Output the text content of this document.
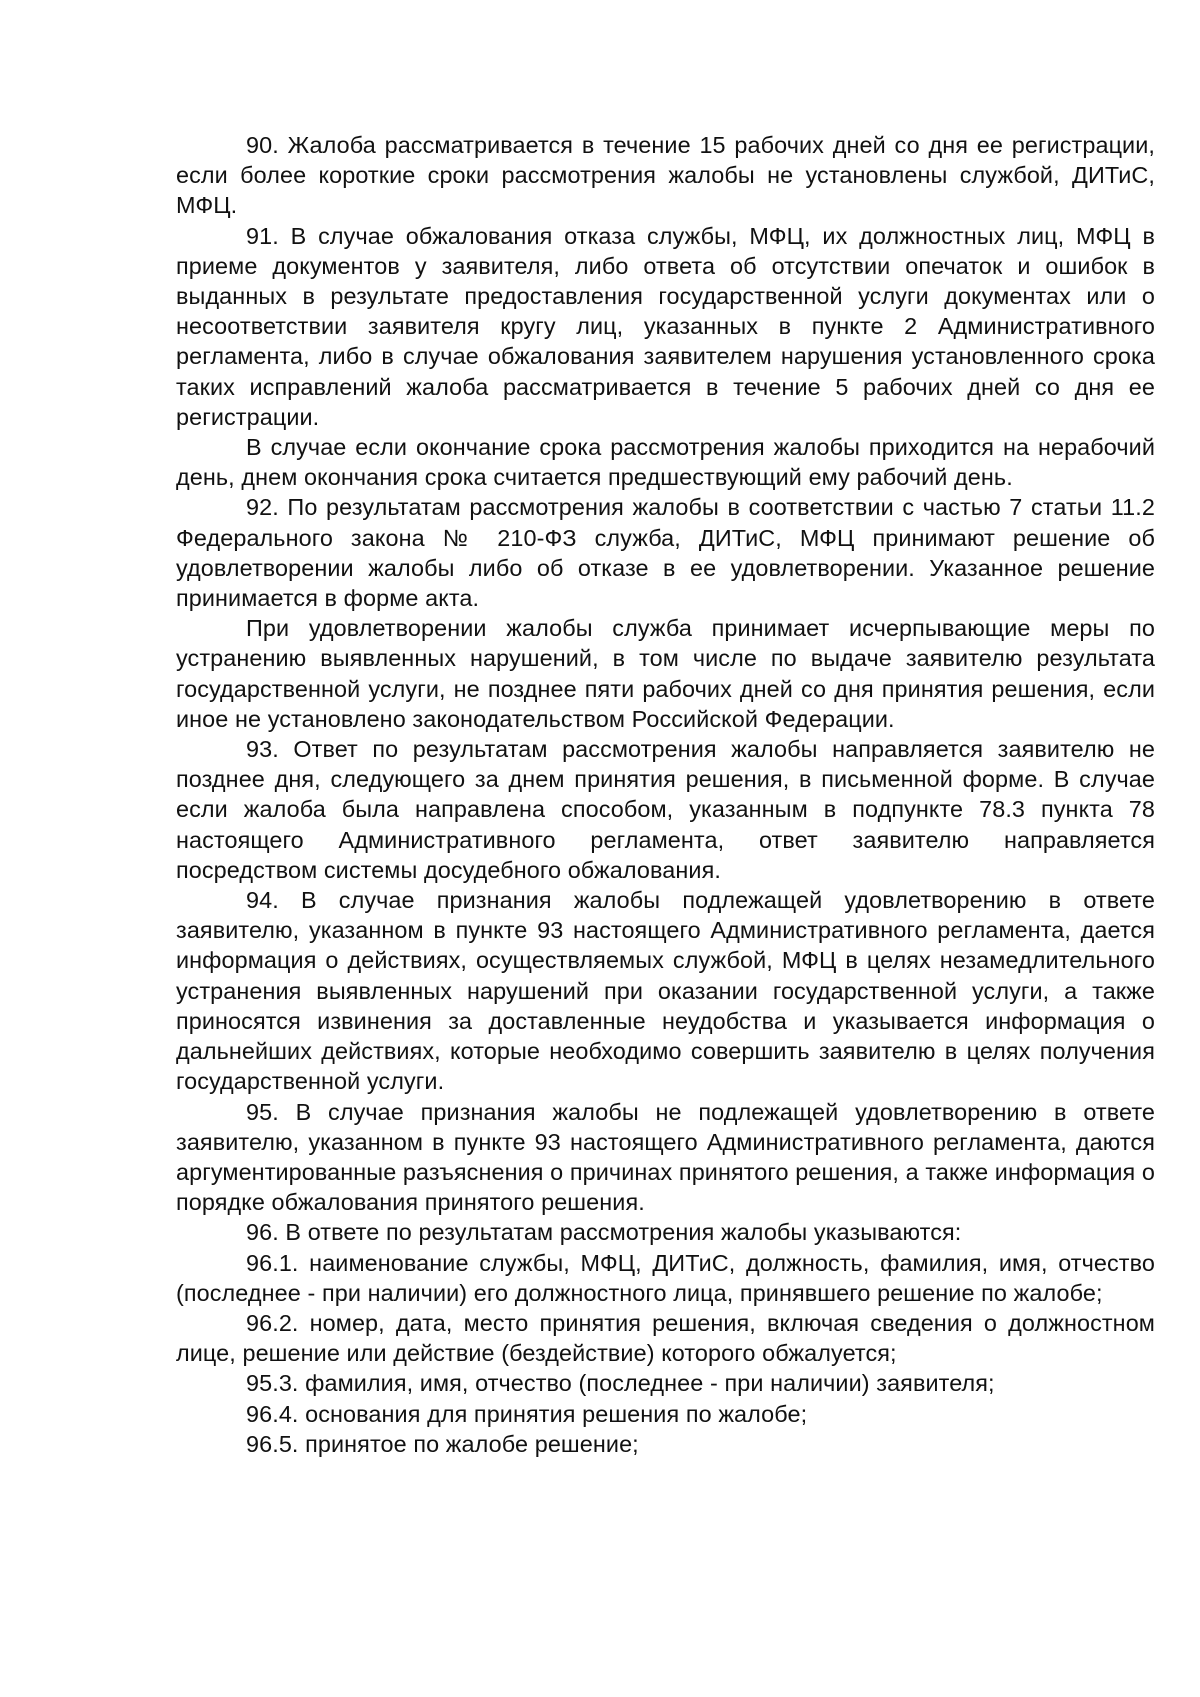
90. Жалоба рассматривается в течение 15 рабочих дней со дня ее регистрации, если более короткие сроки рассмотрения жалобы не установлены службой, ДИТиС, МФЦ.

91. В случае обжалования отказа службы, МФЦ, их должностных лиц, МФЦ в приеме документов у заявителя, либо ответа об отсутствии опечаток и ошибок в выданных в результате предоставления государственной услуги документах или о несоответствии заявителя кругу лиц, указанных в пункте 2 Административного регламента, либо в случае обжалования заявителем нарушения установленного срока таких исправлений жалоба рассматривается в течение 5 рабочих дней со дня ее регистрации.

В случае если окончание срока рассмотрения жалобы приходится на нерабочий день, днем окончания срока считается предшествующий ему рабочий день.

92. По результатам рассмотрения жалобы в соответствии с частью 7 статьи 11.2 Федерального закона № 210-ФЗ служба, ДИТиС, МФЦ принимают решение об удовлетворении жалобы либо об отказе в ее удовлетворении. Указанное решение принимается в форме акта.

При удовлетворении жалобы служба принимает исчерпывающие меры по устранению выявленных нарушений, в том числе по выдаче заявителю результата государственной услуги, не позднее пяти рабочих дней со дня принятия решения, если иное не установлено законодательством Российской Федерации.

93. Ответ по результатам рассмотрения жалобы направляется заявителю не позднее дня, следующего за днем принятия решения, в письменной форме. В случае если жалоба была направлена способом, указанным в подпункте 78.3 пункта 78 настоящего Административного регламента, ответ заявителю направляется посредством системы досудебного обжалования.

94. В случае признания жалобы подлежащей удовлетворению в ответе заявителю, указанном в пункте 93 настоящего Административного регламента, дается информация о действиях, осуществляемых службой, МФЦ в целях незамедлительного устранения выявленных нарушений при оказании государственной услуги, а также приносятся извинения за доставленные неудобства и указывается информация о дальнейших действиях, которые необходимо совершить заявителю в целях получения государственной услуги.

95. В случае признания жалобы не подлежащей удовлетворению в ответе заявителю, указанном в пункте 93 настоящего Административного регламента, даются аргументированные разъяснения о причинах принятого решения, а также информация о порядке обжалования принятого решения.

96. В ответе по результатам рассмотрения жалобы указываются:

96.1. наименование службы, МФЦ, ДИТиС, должность, фамилия, имя, отчество (последнее - при наличии) его должностного лица, принявшего решение по жалобе;

96.2. номер, дата, место принятия решения, включая сведения о должностном лице, решение или действие (бездействие) которого обжалуется;

95.3. фамилия, имя, отчество (последнее - при наличии) заявителя;

96.4. основания для принятия решения по жалобе;

96.5. принятое по жалобе решение;
